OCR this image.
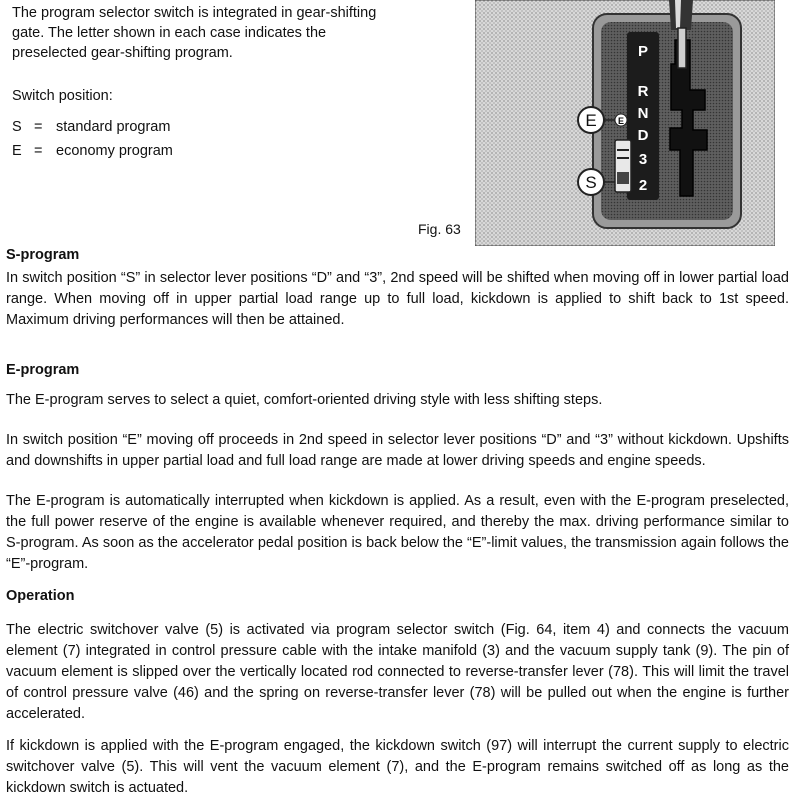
The program selector switch is integrated in gear-shifting gate. The letter shown in each case indicates the preselected gear-shifting program.

Switch position:
S = standard program
E = economy program
Fig. 63
P
R
N
D
3
2
E
E
S
S-program

In switch position “S” in selector lever positions “D” and “3”, 2nd speed will be shifted when moving off in lower partial load range. When moving off in upper partial load range up to full load, kickdown is applied to shift back to 1st speed. Maximum driving performances will then be attained.

E-program

The E-program serves to select a quiet, comfort-oriented driving style with less shifting steps.

In switch position “E” moving off proceeds in 2nd speed in selector lever positions “D” and “3” without kickdown. Upshifts and downshifts in upper partial load and full load range are made at lower driving speeds and engine speeds.

The E-program is automatically interrupted when kickdown is applied. As a result, even with the E-program preselected, the full power reserve of the engine is available whenever required, and thereby the max. driving performance similar to S-program. As soon as the accelerator pedal position is back below the “E”-limit values, the transmission again follows the “E”-program.

Operation

The electric switchover valve (5) is activated via program selector switch (Fig. 64, item 4) and connects the vacuum element (7) integrated in control pressure cable with the intake manifold (3) and the vacuum supply tank (9). The pin of vacuum element is slipped over the vertically located rod connected to reverse-transfer lever (78). This will limit the travel of control pressure valve (46) and the spring on reverse-transfer lever (78) will be pulled out when the engine is further accelerated.

If kickdown is applied with the E-program engaged, the kickdown switch (97) will interrupt the current supply to electric switchover valve (5). This will vent the vacuum element (7), and the E-program remains switched off as long as the kickdown switch is actuated.
